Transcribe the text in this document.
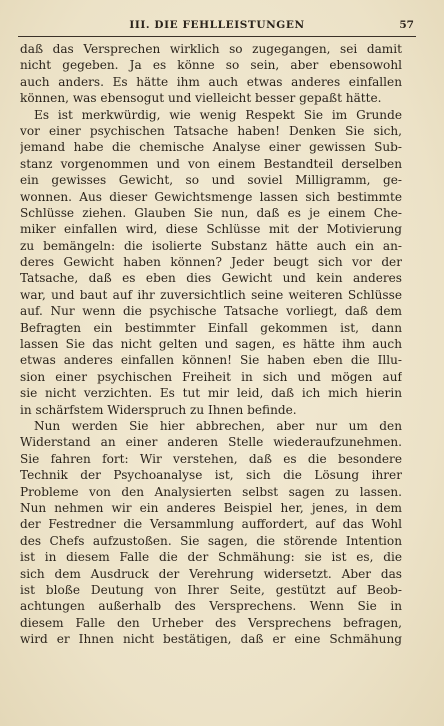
III. DIE FEHLLEISTUNGEN	57
daß das Versprechen wirklich so zugegangen, sei damit
nicht gegeben. Ja es könne so sein, aber ebensowohl
auch anders. Es hätte ihm auch etwas anderes einfallen
können, was ebensogut und vielleicht besser gepaßt hätte.
Es ist merkwürdig, wie wenig Respekt Sie im Grunde
vor einer psychischen Tatsache haben! Denken Sie sich,
jemand habe die chemische Analyse einer gewissen Sub-
stanz vorgenommen und von einem Bestandteil derselben
ein gewisses Gewicht, so und soviel Milligramm, ge-
wonnen. Aus dieser Gewichtsmenge lassen sich bestimmte
Schlüsse ziehen. Glauben Sie nun, daß es je einem Che-
miker einfallen wird, diese Schlüsse mit der Motivierung
zu bemängeln: die isolierte Substanz hätte auch ein an-
deres Gewicht haben können? Jeder beugt sich vor der
Tatsache, daß es eben dies Gewicht und kein anderes
war, und baut auf ihr zuversichtlich seine weiteren Schlüsse
auf. Nur wenn die psychische Tatsache vorliegt, daß dem
Befragten ein bestimmter Einfall gekommen ist, dann
lassen Sie das nicht gelten und sagen, es hätte ihm auch
etwas anderes einfallen können! Sie haben eben die Illu-
sion einer psychischen Freiheit in sich und mögen auf
sie nicht verzichten. Es tut mir leid, daß ich mich hierin
in schärfstem Widerspruch zu Ihnen befinde.
Nun werden Sie hier abbrechen, aber nur um den
Widerstand an einer anderen Stelle wiederaufzunehmen.
Sie fahren fort: Wir verstehen, daß es die besondere
Technik der Psychoanalyse ist, sich die Lösung ihrer
Probleme von den Analysierten selbst sagen zu lassen.
Nun nehmen wir ein anderes Beispiel her, jenes, in dem
der Festredner die Versammlung auffordert, auf das Wohl
des Chefs aufzustoßen. Sie sagen, die störende Intention
ist in diesem Falle die der Schmähung: sie ist es, die
sich dem Ausdruck der Verehrung widersetzt. Aber das
ist bloße Deutung von Ihrer Seite, gestützt auf Beob-
achtungen außerhalb des Versprechens. Wenn Sie in
diesem Falle den Urheber des Versprechens befragen,
wird er Ihnen nicht bestätigen, daß er eine Schmähung
